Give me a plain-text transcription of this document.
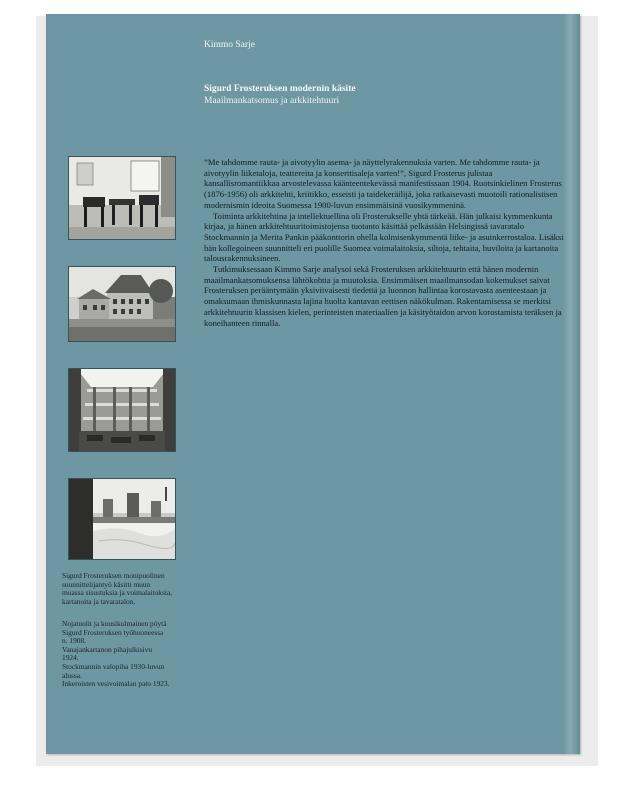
Kimmo Sarje
Sigurd Frosteruksen modernin käsite
Maailmankatsomus ja arkkitehtuuri

”Me tahdomme rauta- ja aivotyylin asema- ja näyttelyrakennuksia varten. Me tahdomme rauta- ja aivotyylin liiketaloja, teattereita ja konserttisaleja varten!”, Sigurd Frosterus julistaa kansallisromantiikkaa arvostelevassa käänteentekevässä manifestissaan 1904. Ruotsinkielinen Frosterus (1876-1956) oli arkkitehti, kriitikko, esseisti ja taidekeräilijä, joka ratkaisevasti muotoili rationalistisen modernismin ideoita Suomessa 1900-luvun ensimmäisinä vuosikymmeninä.

Toiminta arkkitehtina ja intellektuellina oli Frosterukselle yhtä tärkeää. Hän julkaisi kymmenkunta kirjaa, ja hänen arkkitehtuuritoimistojensa tuotanto käsittää pelkästään Helsingissä tavaratalo Stockmannin ja Merita Pankin pääkonttorin ohella kolmisenkymmentä liike- ja asuinkerrostaloa. Lisäksi hän kollegoineen suunnitteli eri puolille Suomea voimalaitoksia, siltoja, tehtaita, huviloita ja kartanoita talousrakennuksineen.

Tutkimuksessaan Kimmo Sarje analysoi sekä Frosteruksen arkkitehtuurin että hänen modernin maailmankatsomuksensa lähtökohtia ja muutoksia. Ensimmäisen maailmansodan kokemukset saivat Frosteruksen perääntymään yksiviivaisesti tiedettä ja luonnon hallintaa korostavasta asenteestaan ja omaksumaan ihmiskunnasta lajina huolta kantavan eettisen näkökulman. Rakentamisessa se merkitsi arkkitehtuurin klassisen kielen, perinteisten materiaalien ja käsityötaidon arvon korostamista teräksen ja koneihanteen rinnalla.

Sigurd Frosteruksen monipuolinen
suunnittelijantyö käsitti muun
muassa sisustuksia ja voimalaitoksia,
kartanoita ja tavaratalon.

Nojatuolit ja kuusikulmainen pöytä
Sigurd Frosteruksen työhuoneessa
n. 1908.
Vanajankartanon pihajulkisivu
1924.
Stockmannin valopiha 1930-luvun
alussa.
Inkeroisten vesivoimalan pato 1923.
